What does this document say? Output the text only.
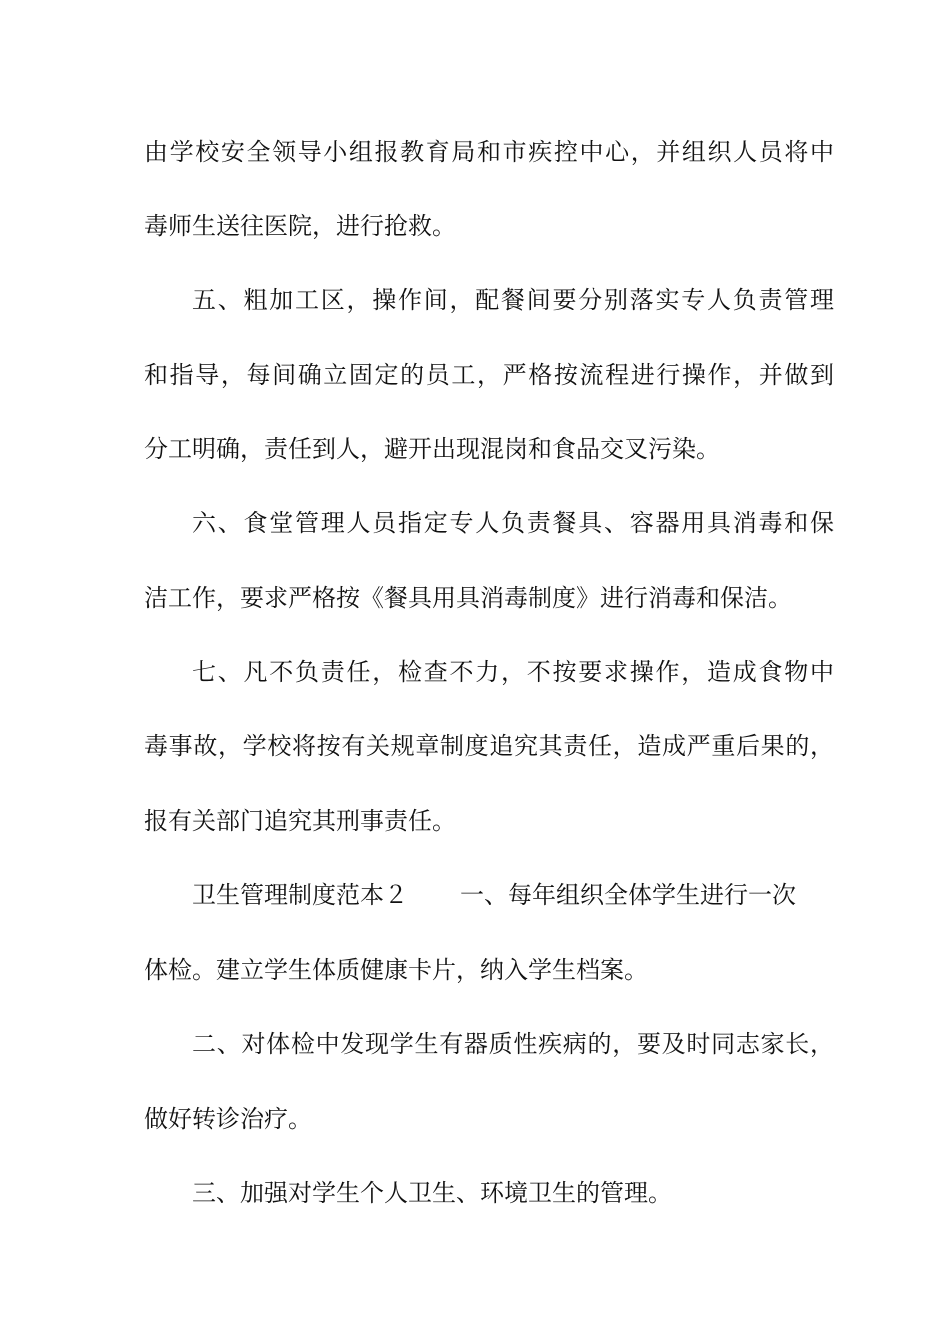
由学校安全领导小组报教育局和市疾控中心，并组织人员将中
毒师生送往医院，进行抢救。
五、粗加工区，操作间，配餐间要分别落实专人负责管理
和指导，每间确立固定的员工，严格按流程进行操作，并做到
分工明确，责任到人，避开出现混岗和食品交叉污染。
六、食堂管理人员指定专人负责餐具、容器用具消毒和保
洁工作，要求严格按《餐具用具消毒制度》进行消毒和保洁。
七、凡不负责任，检查不力，不按要求操作，造成食物中
毒事故，学校将按有关规章制度追究其责任，造成严重后果的，
报有关部门追究其刑事责任。
卫生管理制度范本２ 一、每年组织全体学生进行一次
体检。建立学生体质健康卡片，纳入学生档案。
二、对体检中发现学生有器质性疾病的，要及时同志家长，
做好转诊治疗。
三、加强对学生个人卫生、环境卫生的管理。
